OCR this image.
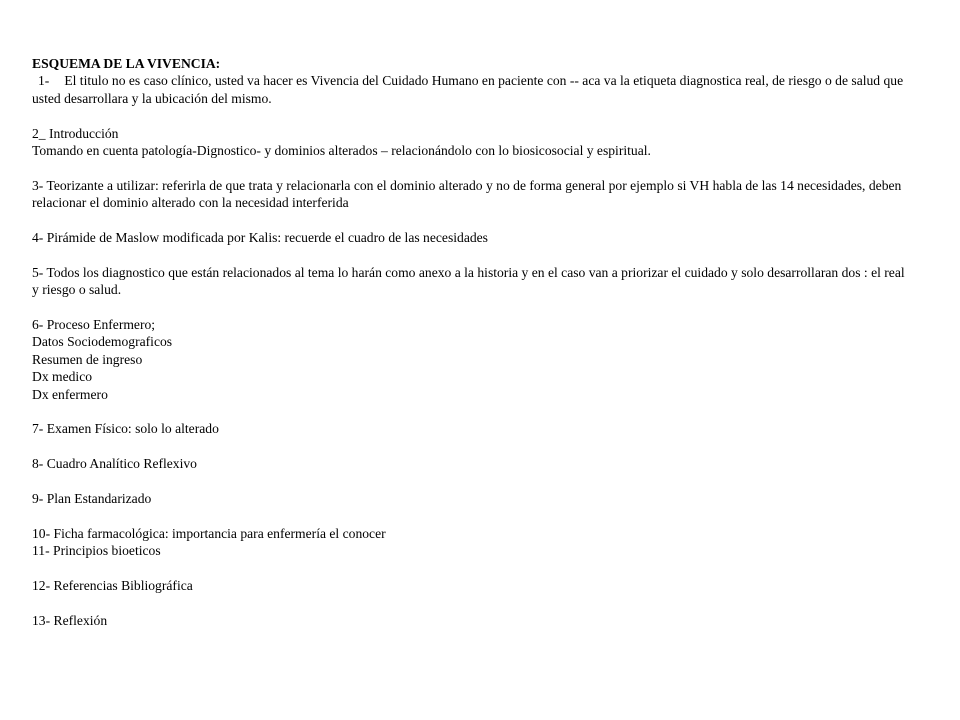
ESQUEMA DE LA VIVENCIA:
1- El titulo no es caso clínico, usted va hacer es Vivencia del Cuidado Humano en paciente con -- aca va la etiqueta diagnostica real, de riesgo o de salud que usted desarrollara y la ubicación del mismo.
2_ Introducción
Tomando en cuenta patología-Dignostico- y dominios alterados – relacionándolo con lo biosicosocial y espiritual.
3- Teorizante a utilizar: referirla de que trata y relacionarla con el dominio alterado y no de forma general por ejemplo si VH habla de las 14 necesidades, deben relacionar el dominio alterado con la necesidad interferida
4- Pirámide de Maslow modificada por Kalis: recuerde el cuadro de las necesidades
5- Todos los diagnostico que están relacionados al tema lo harán como anexo a la historia y en el caso van a priorizar el cuidado y solo desarrollaran dos : el real y riesgo o salud.
6- Proceso Enfermero;
Datos Sociodemograficos
Resumen de ingreso
Dx medico
Dx enfermero
7- Examen Físico: solo lo alterado
8- Cuadro Analítico Reflexivo
9- Plan Estandarizado
10- Ficha farmacológica: importancia para enfermería el conocer
11- Principios bioeticos
12- Referencias Bibliográfica
13- Reflexión
